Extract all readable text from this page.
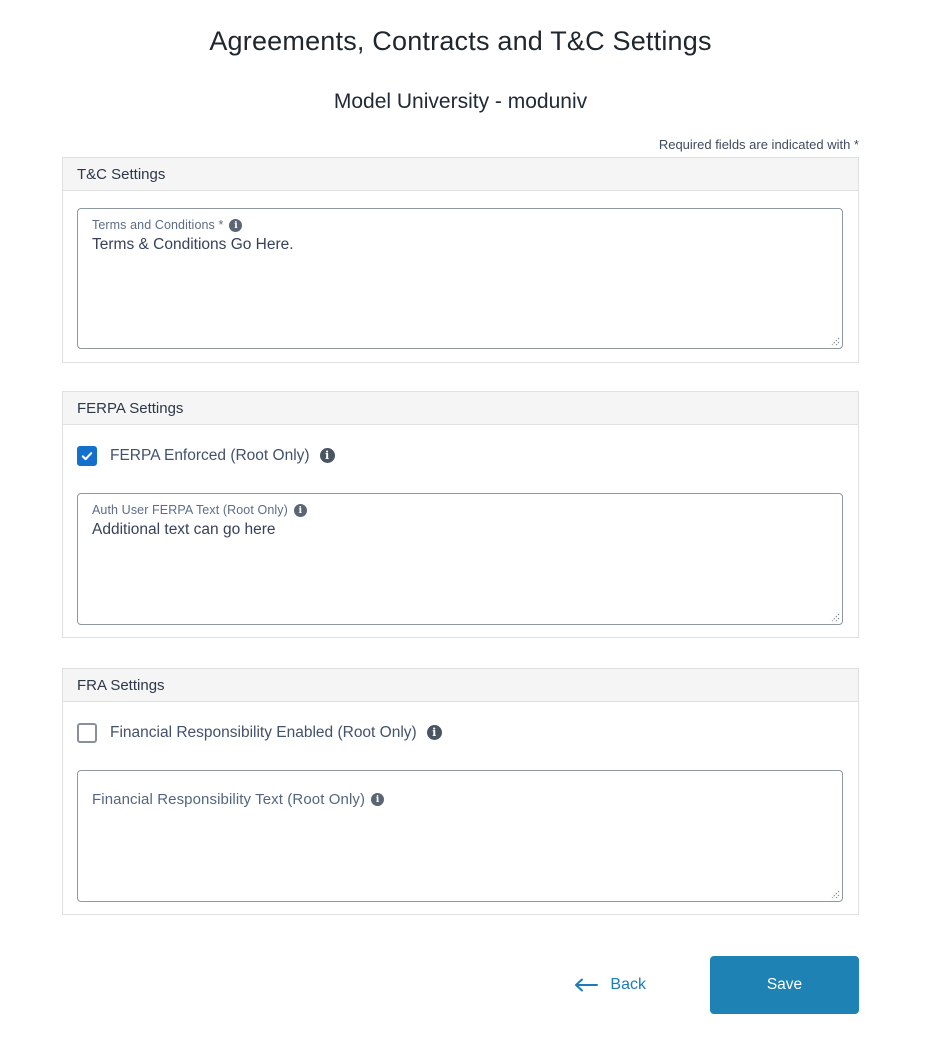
Agreements, Contracts and T&C Settings
Model University - moduniv
Required fields are indicated with *
T&C Settings
Terms and Conditions *
i
Terms & Conditions Go Here.
FERPA Settings
FERPA Enforced (Root Only)
i
Auth User FERPA Text (Root Only)
i
Additional text can go here
FRA Settings
Financial Responsibility Enabled (Root Only)
i
Financial Responsibility Text (Root Only)
i
Back	Save
